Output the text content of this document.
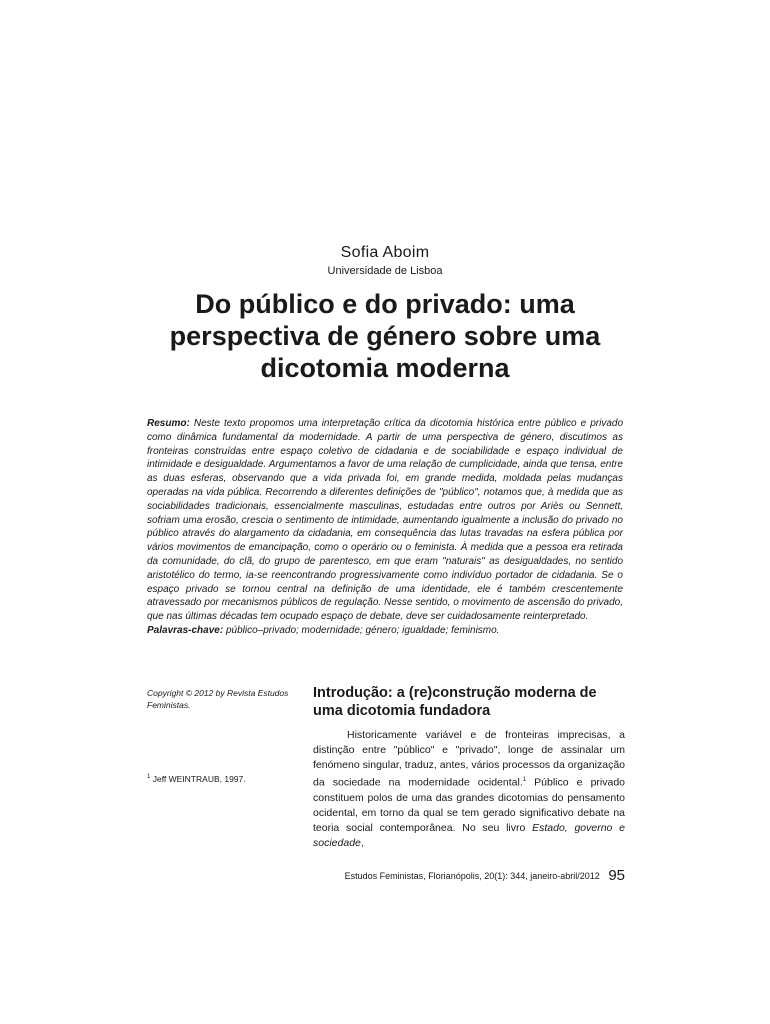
Sofia Aboim
Universidade de Lisboa
Do público e do privado: uma
perspectiva de género sobre uma
dicotomia moderna

Resumo: Neste texto propomos uma interpretação crítica da dicotomia histórica entre público e privado como dinâmica fundamental da modernidade. A partir de uma perspectiva de género, discutimos as fronteiras construídas entre espaço coletivo de cidadania e de sociabilidade e espaço individual de intimidade e desigualdade. Argumentamos a favor de uma relação de cumplicidade, ainda que tensa, entre as duas esferas, observando que a vida privada foi, em grande medida, moldada pelas mudanças operadas na vida pública. Recorrendo a diferentes definições de "público", notamos que, à medida que as sociabilidades tradicionais, essencialmente masculinas, estudadas entre outros por Ariès ou Sennett, sofriam uma erosão, crescia o sentimento de intimidade, aumentando igualmente a inclusão do privado no público através do alargamento da cidadania, em consequência das lutas travadas na esfera pública por vários movimentos de emancipação, como o operário ou o feminista. À medida que a pessoa era retirada da comunidade, do clã, do grupo de parentesco, em que eram "naturais" as desigualdades, no sentido aristotélico do termo, ia-se reencontrando progressivamente como indivíduo portador de cidadania. Se o espaço privado se tornou central na definição de uma identidade, ele é também crescentemente atravessado por mecanismos públicos de regulação. Nesse sentido, o movimento de ascensão do privado, que nas últimas décadas tem ocupado espaço de debate, deve ser cuidadosamente reinterpretado.

Palavras-chave: público–privado; modernidade; género; igualdade; feminismo.

Copyright © 2012 by Revista Estudos Feministas.
$^1$ Jeff WEINTRAUB, 1997.
Introdução: a (re)construção moderna de uma dicotomia fundadora

Historicamente variável e de fronteiras imprecisas, a distinção entre "público" e "privado", longe de assinalar um fenómeno singular, traduz, antes, vários processos da organização da sociedade na modernidade ocidental.$^1$ Público e privado constituem polos de uma das grandes dicotomias do pensamento ocidental, em torno da qual se tem gerado significativo debate na teoria social contemporânea. No seu livro Estado, governo e sociedade,

Estudos Feministas, Florianópolis, 20(1): 344, janeiro-abril/2012 95
